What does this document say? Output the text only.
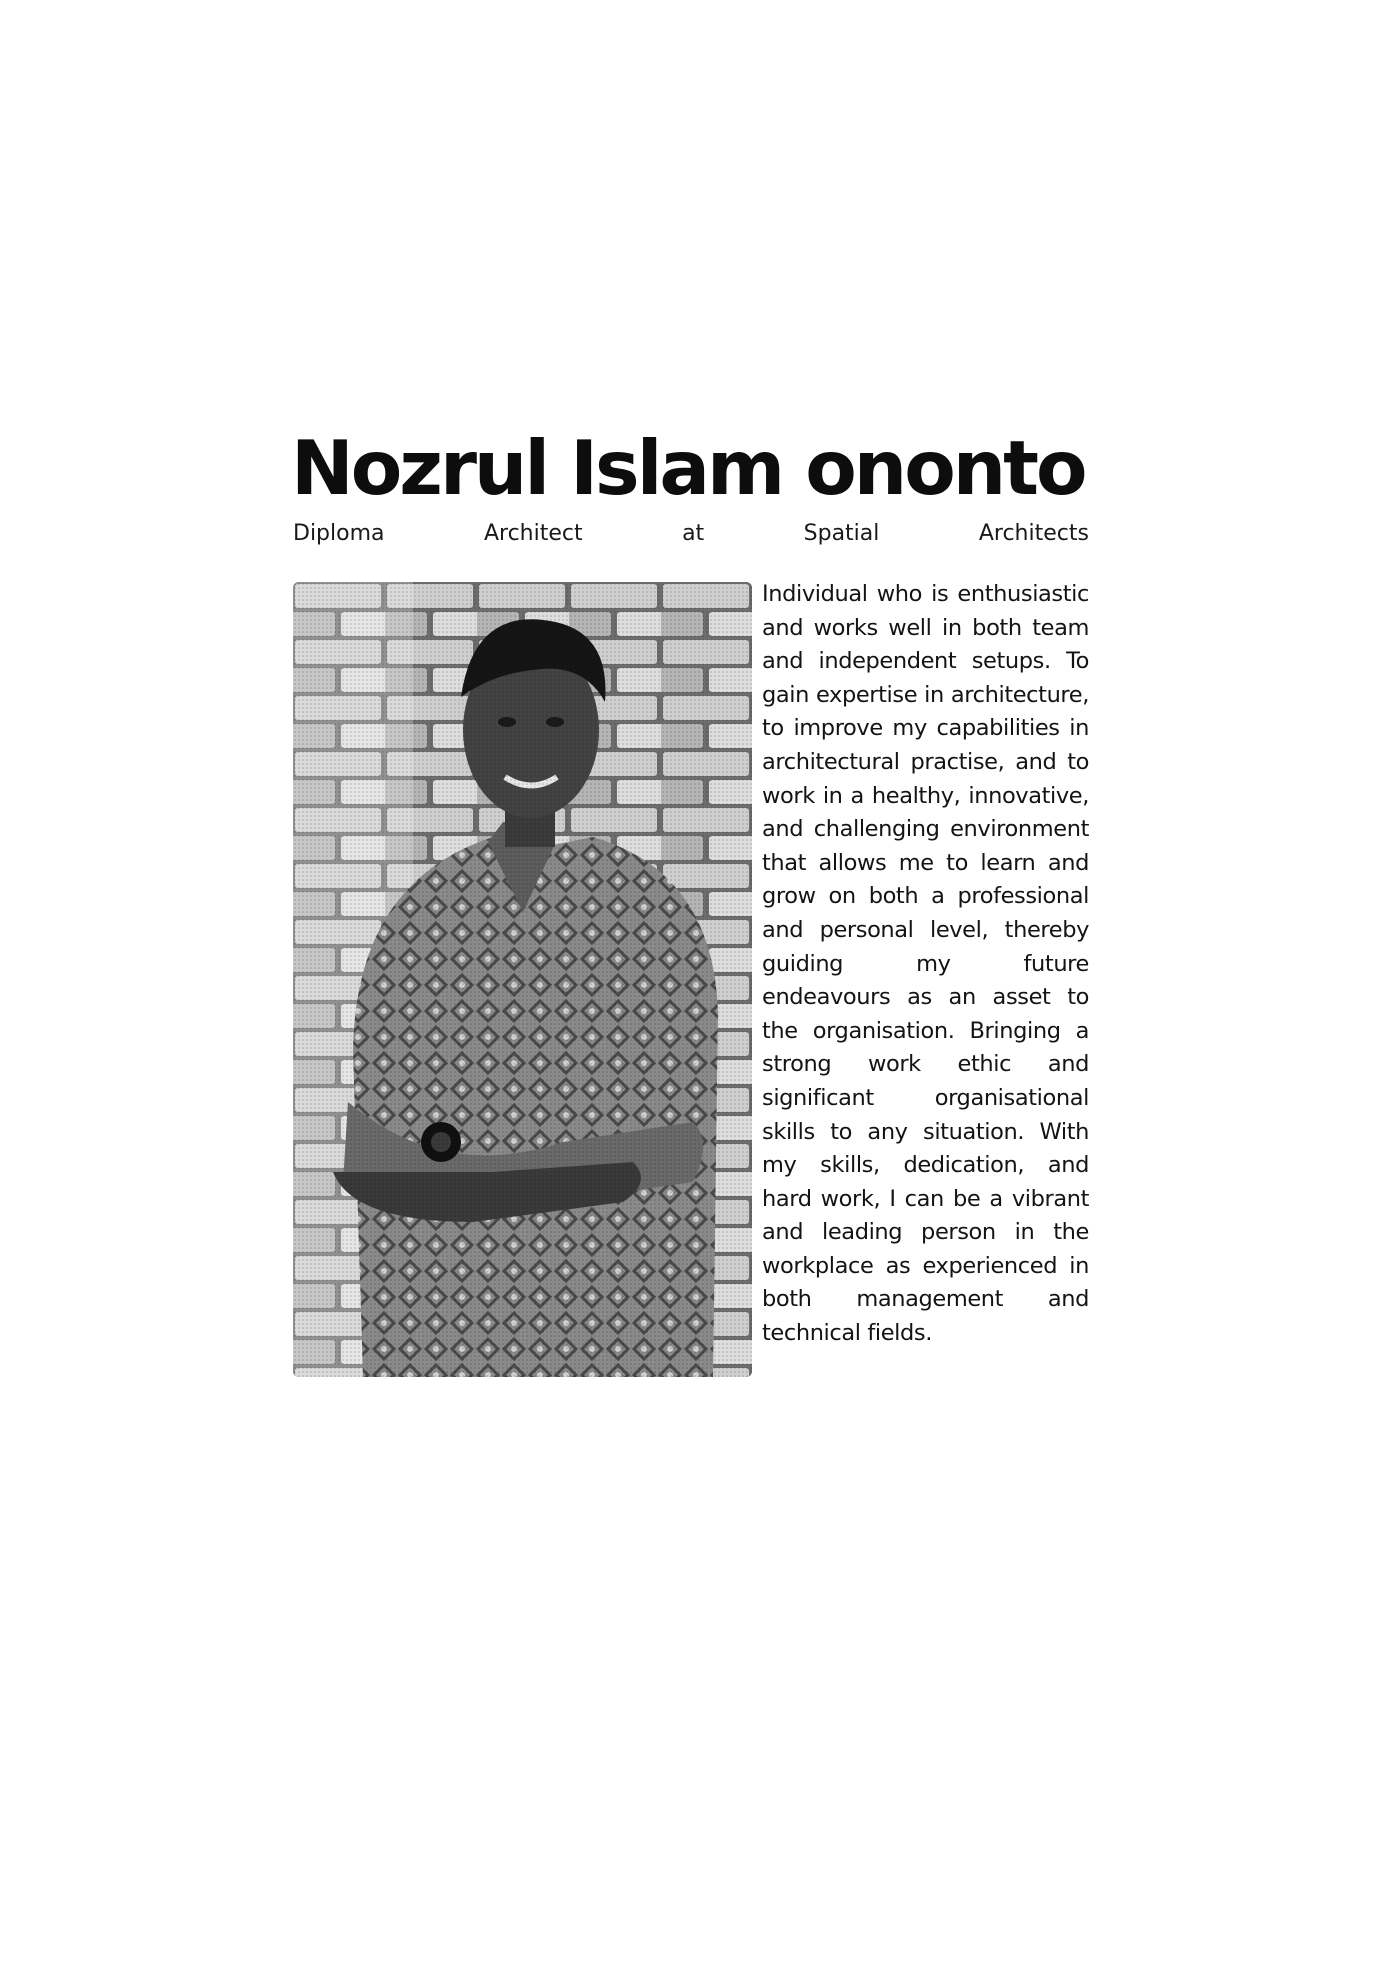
Nozrul Islam ononto
Diploma	Architect	at	Spatial	Architects

Individual who is enthusiastic and works well in both team and independent setups. To gain expertise in architecture, to improve my capabilities in architectural practise, and to work in a healthy, innovative, and challenging environment that allows me to learn and grow on both a professional and personal level, thereby guiding my future endeavours as an asset to the organisation. Bringing a strong work ethic and significant organisational skills to any situation. With my skills, dedication, and hard work, I can be a vibrant and leading person in the workplace as experienced in both management and technical fields.
